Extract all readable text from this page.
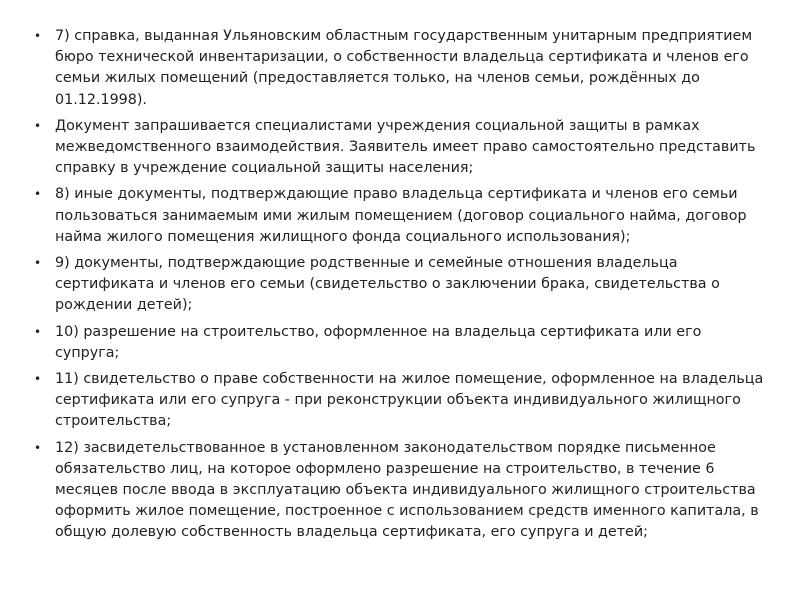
• 7) справка, выданная Ульяновским областным государственным унитарным предприятием бюро технической инвентаризации, о собственности владельца сертификата и членов его семьи жилых помещений (предоставляется только, на членов семьи, рождённых до 01.12.1998).
• Документ запрашивается специалистами учреждения социальной защиты в рамках межведомственного взаимодействия. Заявитель имеет право самостоятельно представить справку в учреждение социальной защиты населения;
• 8) иные документы, подтверждающие право владельца сертификата и членов его семьи пользоваться занимаемым ими жилым помещением (договор социального найма, договор найма жилого помещения жилищного фонда социального использования);
• 9) документы, подтверждающие родственные и семейные отношения владельца сертификата и членов его семьи (свидетельство о заключении брака, свидетельства о рождении детей);
• 10) разрешение на строительство, оформленное на владельца сертификата или его супруга;
• 11) свидетельство о праве собственности на жилое помещение, оформленное на владельца сертификата или его супруга - при реконструкции объекта индивидуального жилищного строительства;
• 12) засвидетельствованное в установленном законодательством порядке письменное обязательство лиц, на которое оформлено разрешение на строительство, в течение 6 месяцев после ввода в эксплуатацию объекта индивидуального жилищного строительства оформить жилое помещение, построенное с использованием средств именного капитала, в общую долевую собственность владельца сертификата, его супруга и детей;
